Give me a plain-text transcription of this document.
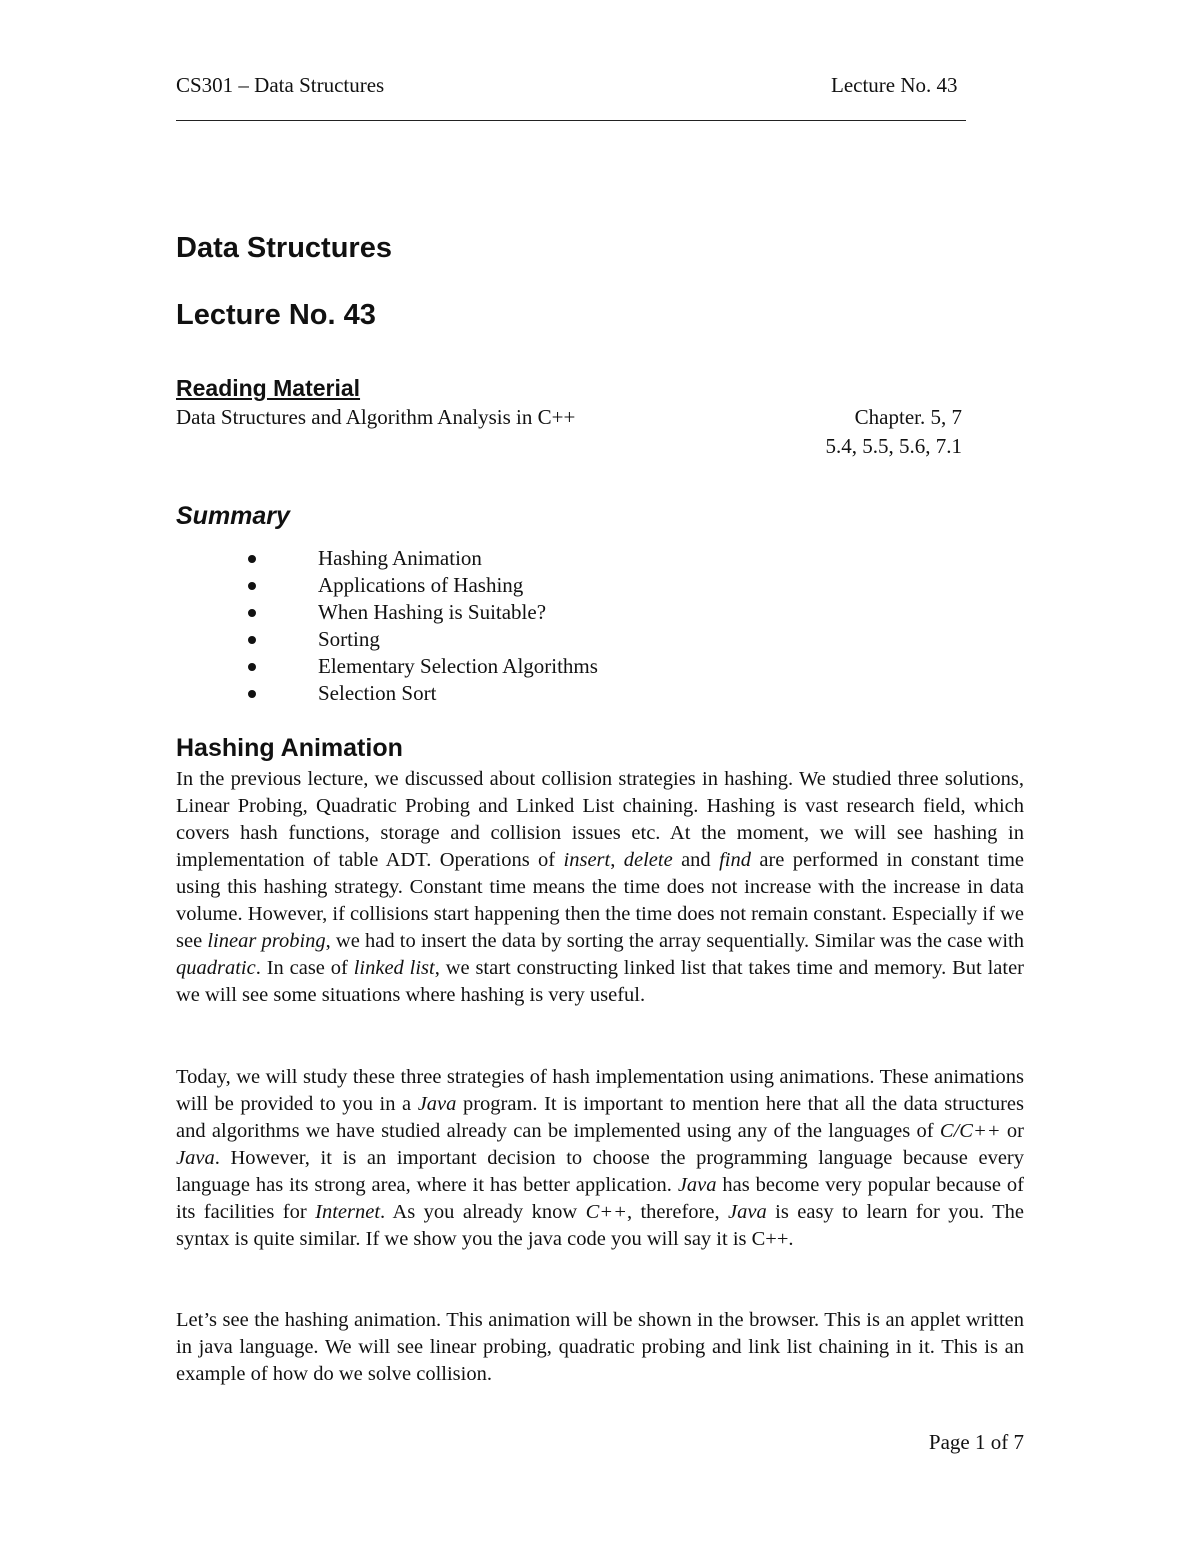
CS301 – Data Structures	Lecture No. 43
Data Structures
Lecture No. 43
Reading Material
Data Structures and Algorithm Analysis in C++	Chapter. 5, 7
5.4, 5.5, 5.6, 7.1
Summary
Hashing Animation
Applications of Hashing
When Hashing is Suitable?
Sorting
Elementary Selection Algorithms
Selection Sort
Hashing Animation

In the previous lecture, we discussed about collision strategies in hashing. We studied three solutions, Linear Probing, Quadratic Probing and Linked List chaining. Hashing is vast research field, which covers hash functions, storage and collision issues etc. At the moment, we will see hashing in implementation of table ADT. Operations of insert, delete and find are performed in constant time using this hashing strategy. Constant time means the time does not increase with the increase in data volume. However, if collisions start happening then the time does not remain constant. Especially if we see linear probing, we had to insert the data by sorting the array sequentially. Similar was the case with quadratic. In case of linked list, we start constructing linked list that takes time and memory. But later we will see some situations where hashing is very useful.

Today, we will study these three strategies of hash implementation using animations. These animations will be provided to you in a Java program. It is important to mention here that all the data structures and algorithms we have studied already can be implemented using any of the languages of C/C++ or Java. However, it is an important decision to choose the programming language because every language has its strong area, where it has better application. Java has become very popular because of its facilities for Internet. As you already know C++, therefore, Java is easy to learn for you. The syntax is quite similar. If we show you the java code you will say it is C++.

Let’s see the hashing animation. This animation will be shown in the browser. This is an applet written in java language. We will see linear probing, quadratic probing and link list chaining in it. This is an example of how do we solve collision.

Page 1 of 7
